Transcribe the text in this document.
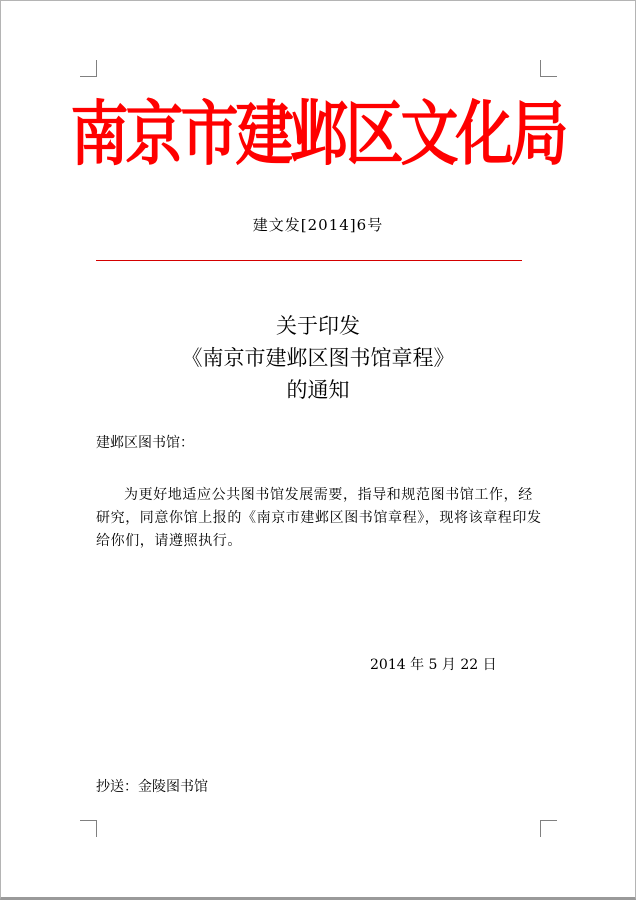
南京市建邺区文化局
建文发[2014]6号
关于印发
《南京市建邺区图书馆章程》
的通知
建邺区图书馆：
为更好地适应公共图书馆发展需要，指导和规范图书馆工作，经研究，同意你馆上报的《南京市建邺区图书馆章程》，现将该章程印发给你们，请遵照执行。
2014 年 5 月 22 日
抄送：金陵图书馆
